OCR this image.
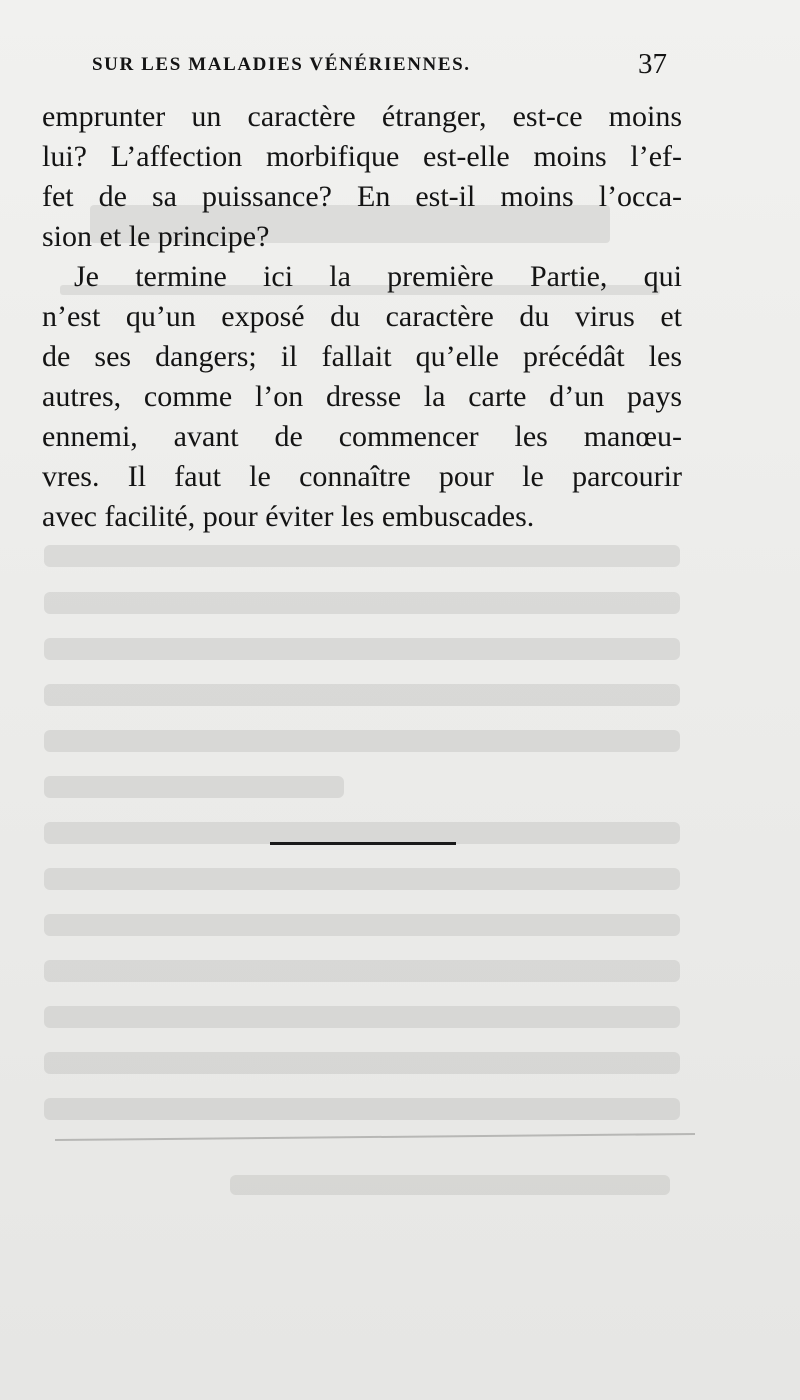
SUR LES MALADIES VÉNÉRIENNES.	37
emprunter un caractère étranger, est-ce moins
lui? L’affection morbifique est-elle moins l’ef-
fet de sa puissance? En est-il moins l’occa-
sion et le principe?
Je termine ici la première Partie, qui
n’est qu’un exposé du caractère du virus et
de ses dangers; il fallait qu’elle précédât les
autres, comme l’on dresse la carte d’un pays
ennemi, avant de commencer les manœu-
vres. Il faut le connaître pour le parcourir
avec facilité, pour éviter les embuscades.
